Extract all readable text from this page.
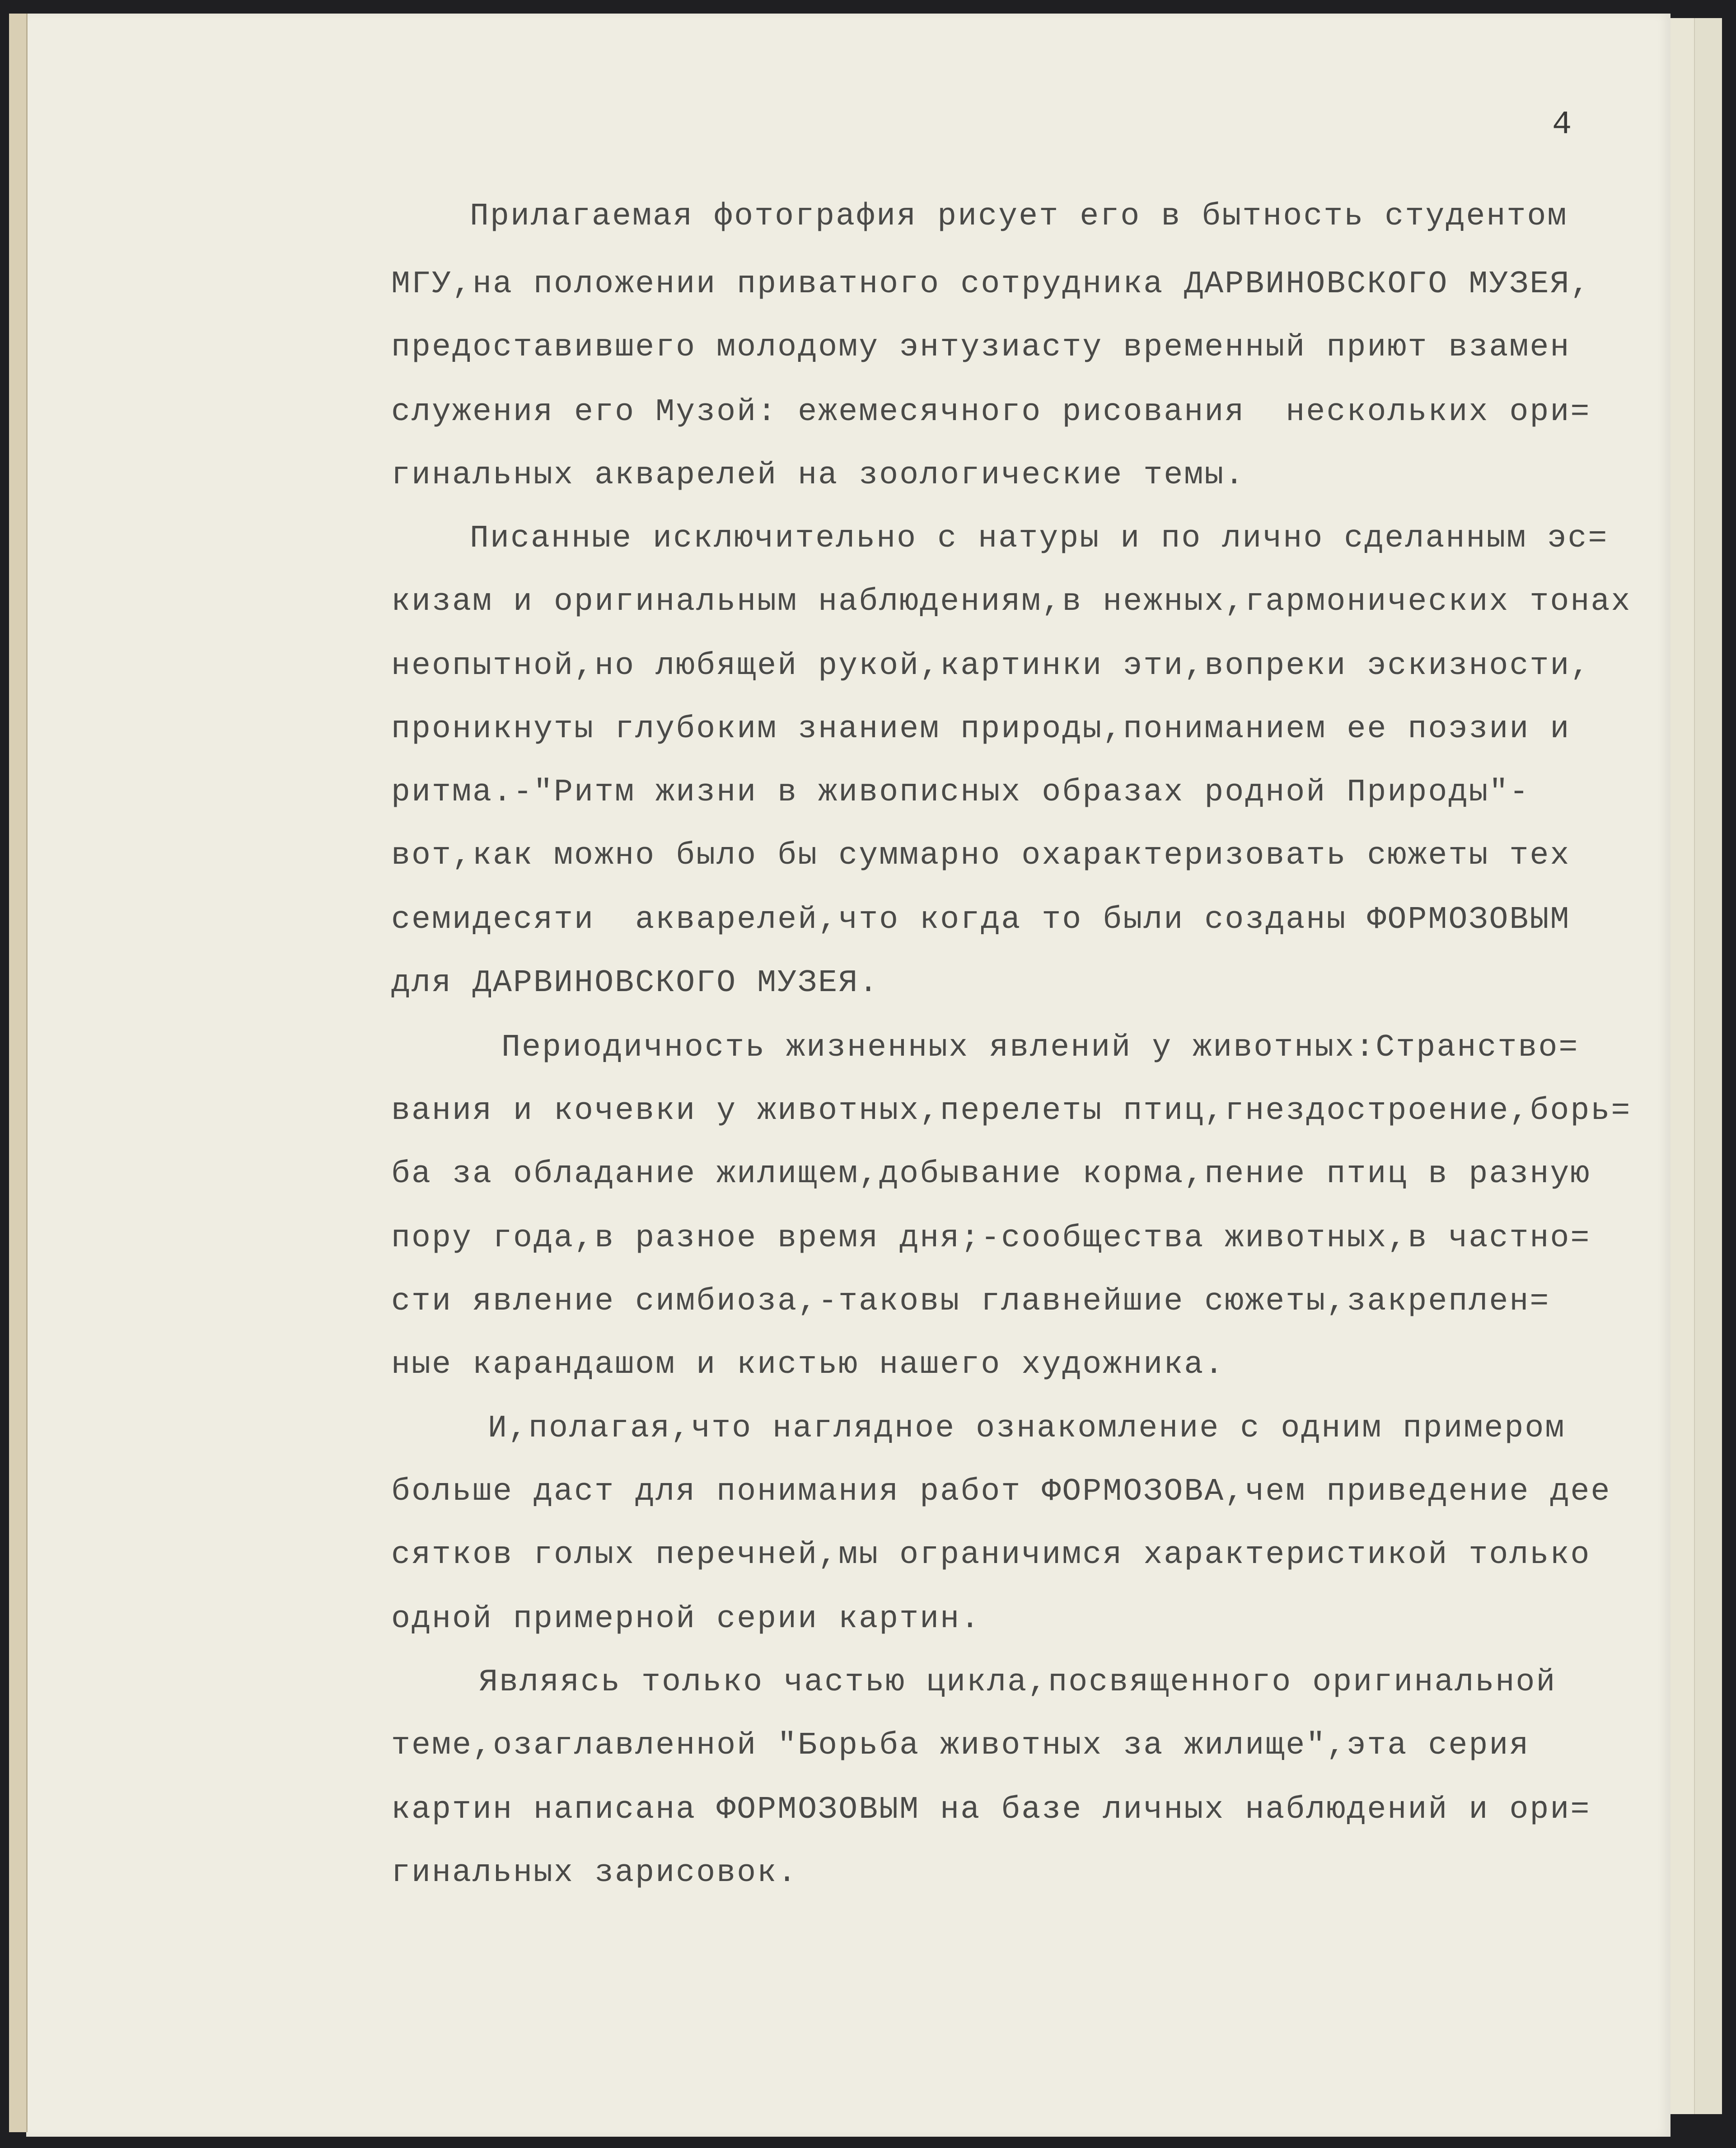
4
Прилагаемая фотография рисует его в бытность студентом
МГУ,на положении приватного сотрудника ДАРВИНОВСКОГО МУЗЕЯ,
предоставившего молодому энтузиасту временный приют взамен
служения его Музой: ежемесячного рисования  нескольких ори=
гинальных акварелей на зоологические темы.
Писанные исключительно с натуры и по лично сделанным эс=
кизам и оригинальным наблюдениям,в нежных,гармонических тонах
неопытной,но любящей рукой,картинки эти,вопреки эскизности,
проникнуты глубоким знанием природы,пониманием ее поэзии и
ритма.-"Ритм жизни в живописных образах родной Природы"-
вот,как можно было бы суммарно охарактеризовать сюжеты тех
семидесяти  акварелей,что когда то были созданы ФОРМОЗОВЫМ
для ДАРВИНОВСКОГО МУЗЕЯ.
Периодичность жизненных явлений у животных:Странство=
вания и кочевки у животных,перелеты птиц,гнездостроение,борь=
ба за обладание жилищем,добывание корма,пение птиц в разную
пору года,в разное время дня;-сообщества животных,в частно=
сти явление симбиоза,-таковы главнейшие сюжеты,закреплен=
ные карандашом и кистью нашего художника.
И,полагая,что наглядное ознакомление с одним примером
больше даст для понимания работ ФОРМОЗОВА,чем приведение дее
сятков голых перечней,мы ограничимся характеристикой только
одной примерной серии картин.
Являясь только частью цикла,посвященного оригинальной
теме,озаглавленной "Борьба животных за жилище",эта серия
картин написана ФОРМОЗОВЫМ на базе личных наблюдений и ори=
гинальных зарисовок.
